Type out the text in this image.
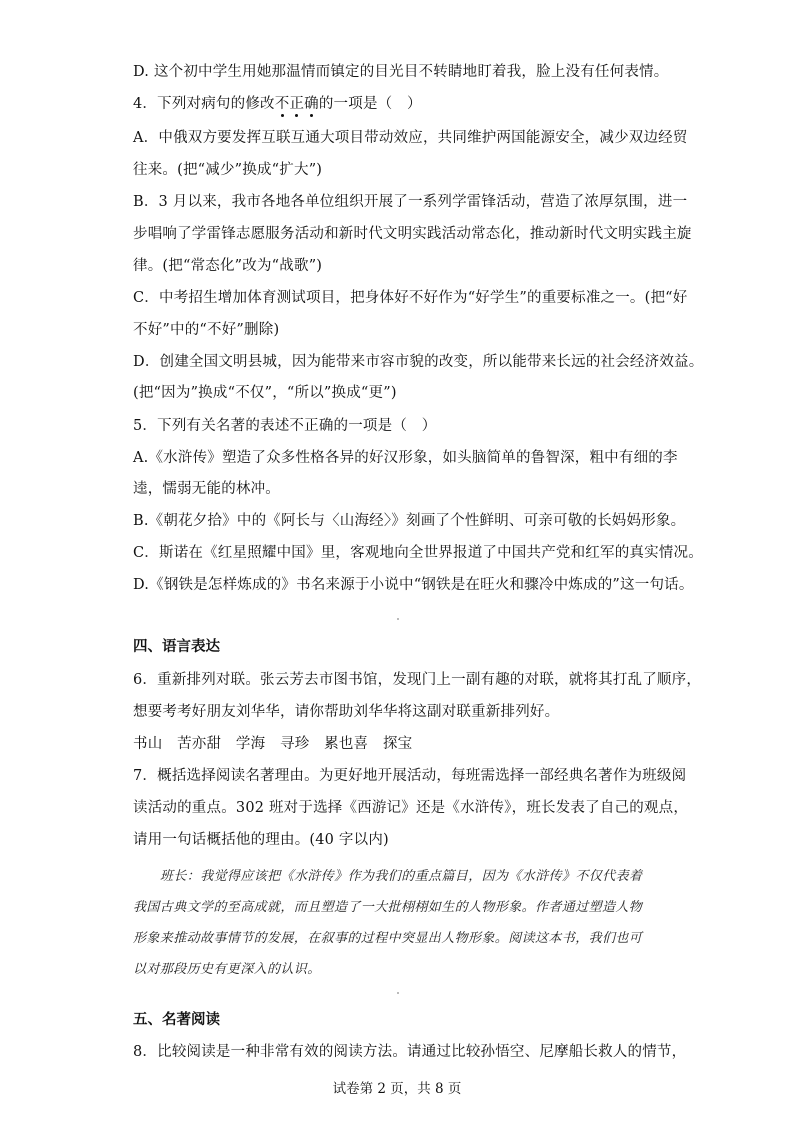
D. 这个初中学生用她那温情而镇定的目光目不转睛地盯着我，脸上没有任何表情。
4．下列对病句的修改不正确的一项是（　）
A．中俄双方要发挥互联互通大项目带动效应，共同维护两国能源安全，减少双边经贸
往来。(把“减少”换成“扩大”)
B．3 月以来，我市各地各单位组织开展了一系列学雷锋活动，营造了浓厚氛围，进一
步唱响了学雷锋志愿服务活动和新时代文明实践活动常态化，推动新时代文明实践主旋
律。(把“常态化”改为“战歌”)
C．中考招生增加体育测试项目，把身体好不好作为“好学生”的重要标准之一。(把“好
不好”中的“不好”删除)
D．创建全国文明县城，因为能带来市容市貌的改变，所以能带来长远的社会经济效益。
(把“因为”换成“不仅”，“所以”换成“更”)
5．下列有关名著的表述不正确的一项是（　）
A.《水浒传》塑造了众多性格各异的好汉形象，如头脑简单的鲁智深，粗中有细的李
逵，懦弱无能的林冲。
B.《朝花夕拾》中的《阿长与〈山海经〉》刻画了个性鲜明、可亲可敬的长妈妈形象。
C．斯诺在《红星照耀中国》里，客观地向全世界报道了中国共产党和红军的真实情况。
D.《钢铁是怎样炼成的》书名来源于小说中“钢铁是在旺火和骤冷中炼成的”这一句话。
四、语言表达
6．重新排列对联。张云芳去市图书馆，发现门上一副有趣的对联，就将其打乱了顺序，
想要考考好朋友刘华华，请你帮助刘华华将这副对联重新排列好。
书山  苦亦甜  学海  寻珍  累也喜  探宝
7．概括选择阅读名著理由。为更好地开展活动，每班需选择一部经典名著作为班级阅
读活动的重点。302 班对于选择《西游记》还是《水浒传》，班长发表了自己的观点，
请用一句话概括他的理由。(40 字以内)
班长：我觉得应该把《水浒传》作为我们的重点篇目，因为《水浒传》不仅代表着
我国古典文学的至高成就，而且塑造了一大批栩栩如生的人物形象。作者通过塑造人物
形象来推动故事情节的发展，在叙事的过程中突显出人物形象。阅读这本书，我们也可
以对那段历史有更深入的认识。
五、名著阅读
8．比较阅读是一种非常有效的阅读方法。请通过比较孙悟空、尼摩船长救人的情节，
试卷第 2 页，共 8 页
